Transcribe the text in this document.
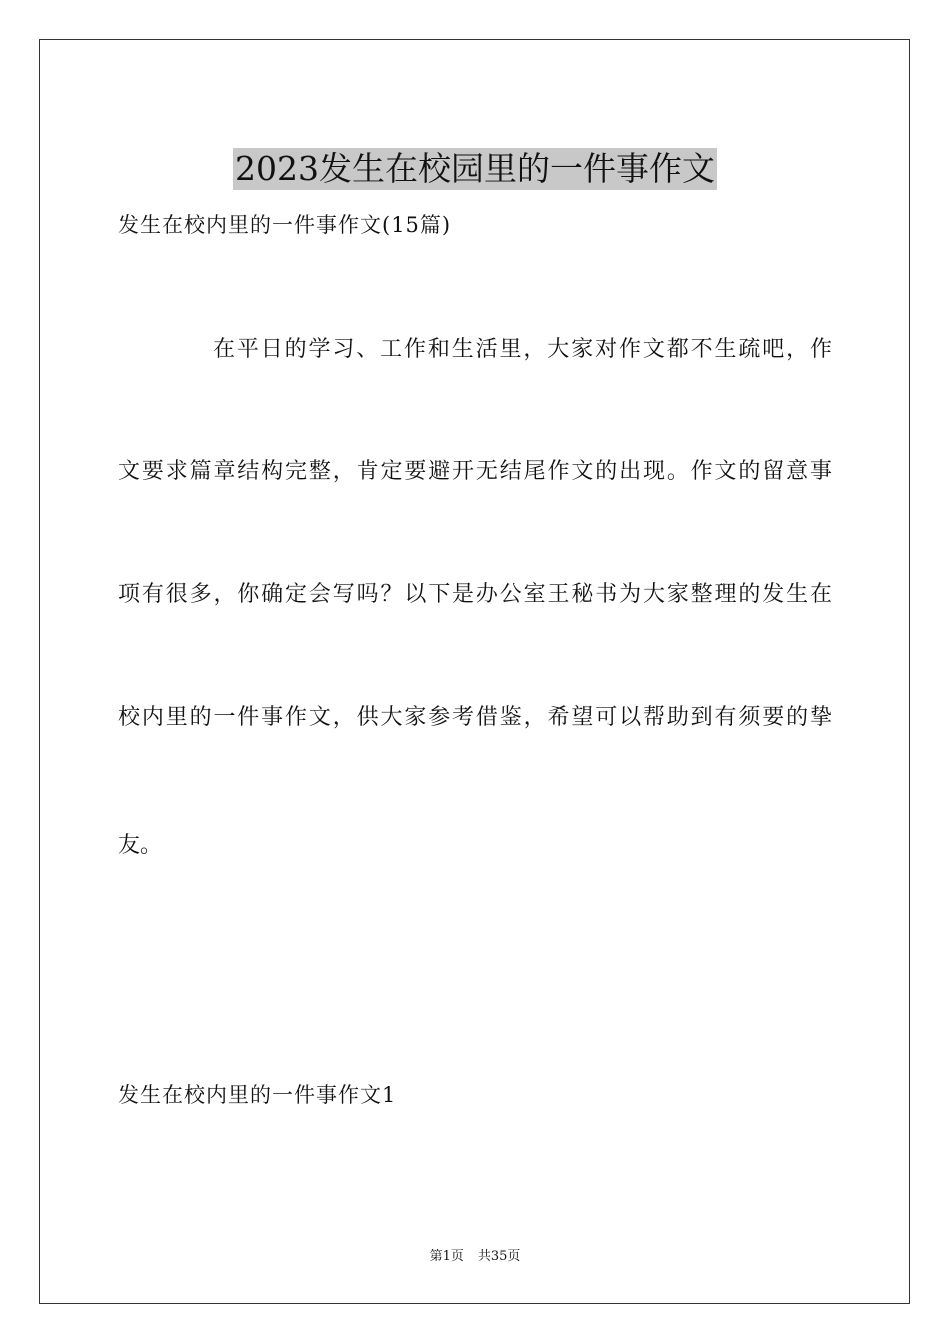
2023发生在校园里的一件事作文
发生在校内里的一件事作文(15篇)
在平日的学习、工作和生活里，大家对作文都不生疏吧，作
文要求篇章结构完整，肯定要避开无结尾作文的出现。作文的留意事
项有很多，你确定会写吗？以下是办公室王秘书为大家整理的发生在
校内里的一件事作文，供大家参考借鉴，希望可以帮助到有须要的挚
友。
发生在校内里的一件事作文1
第1页 共35页
